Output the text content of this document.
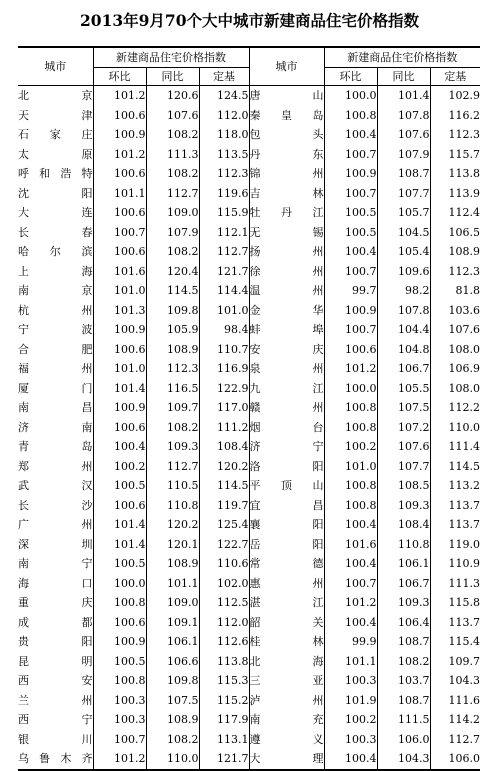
2013年9月70个大中城市新建商品住宅价格指数
城市	新建商品住宅价格指数			城市	新建商品住宅价格指数		
	环比	同比	定基		环比	同比	定基
北京	101.2	120.6	124.5	唐山	100.0	101.4	102.9
天津	100.6	107.6	112.0	秦皇岛	100.8	107.8	116.2
石家庄	100.9	108.2	118.0	包头	100.4	107.6	112.3
太原	101.2	111.3	113.5	丹东	100.7	107.9	115.7
呼和浩特	100.6	108.2	112.3	锦州	100.9	108.7	113.8
沈阳	101.1	112.7	119.6	吉林	100.7	107.7	113.9
大连	100.6	109.0	115.9	牡丹江	100.5	105.7	112.4
长春	100.7	107.9	112.1	无锡	100.5	104.5	106.5
哈尔滨	100.6	108.2	112.7	扬州	100.4	105.4	108.9
上海	101.6	120.4	121.7	徐州	100.7	109.6	112.3
南京	101.0	114.5	114.4	温州	99.7	98.2	81.8
杭州	101.3	109.8	101.0	金华	100.9	107.8	103.6
宁波	100.9	105.9	98.4	蚌埠	100.7	104.4	107.6
合肥	100.6	108.9	110.7	安庆	100.6	104.8	108.0
福州	101.0	112.3	116.9	泉州	101.2	106.7	106.9
厦门	101.4	116.5	122.9	九江	100.0	105.5	108.0
南昌	100.9	109.7	117.0	赣州	100.8	107.5	112.2
济南	100.6	108.2	111.2	烟台	100.8	107.2	110.0
青岛	100.4	109.3	108.4	济宁	100.2	107.6	111.4
郑州	100.2	112.7	120.2	洛阳	101.0	107.7	114.5
武汉	100.5	110.5	114.5	平顶山	100.8	108.5	113.2
长沙	100.6	110.8	119.7	宜昌	100.8	109.3	113.7
广州	101.4	120.2	125.4	襄阳	100.4	108.4	113.7
深圳	101.4	120.1	122.7	岳阳	101.6	110.8	119.0
南宁	100.5	108.9	110.6	常德	100.4	106.1	110.9
海口	100.0	101.1	102.0	惠州	100.7	106.7	111.3
重庆	100.8	109.0	112.5	湛江	101.2	109.3	115.8
成都	100.6	109.1	112.0	韶关	100.4	106.4	113.7
贵阳	100.9	106.1	112.6	桂林	99.9	108.7	115.4
昆明	100.5	106.6	113.8	北海	101.1	108.2	109.7
西安	100.8	109.8	115.3	三亚	100.3	103.7	104.3
兰州	100.3	107.5	115.2	泸州	101.9	108.7	111.6
西宁	100.3	108.9	117.9	南充	100.2	111.5	114.2
银川	100.7	108.2	113.1	遵义	100.3	106.0	112.7
乌鲁木齐	101.2	110.0	121.7	大理	100.4	104.3	106.0
